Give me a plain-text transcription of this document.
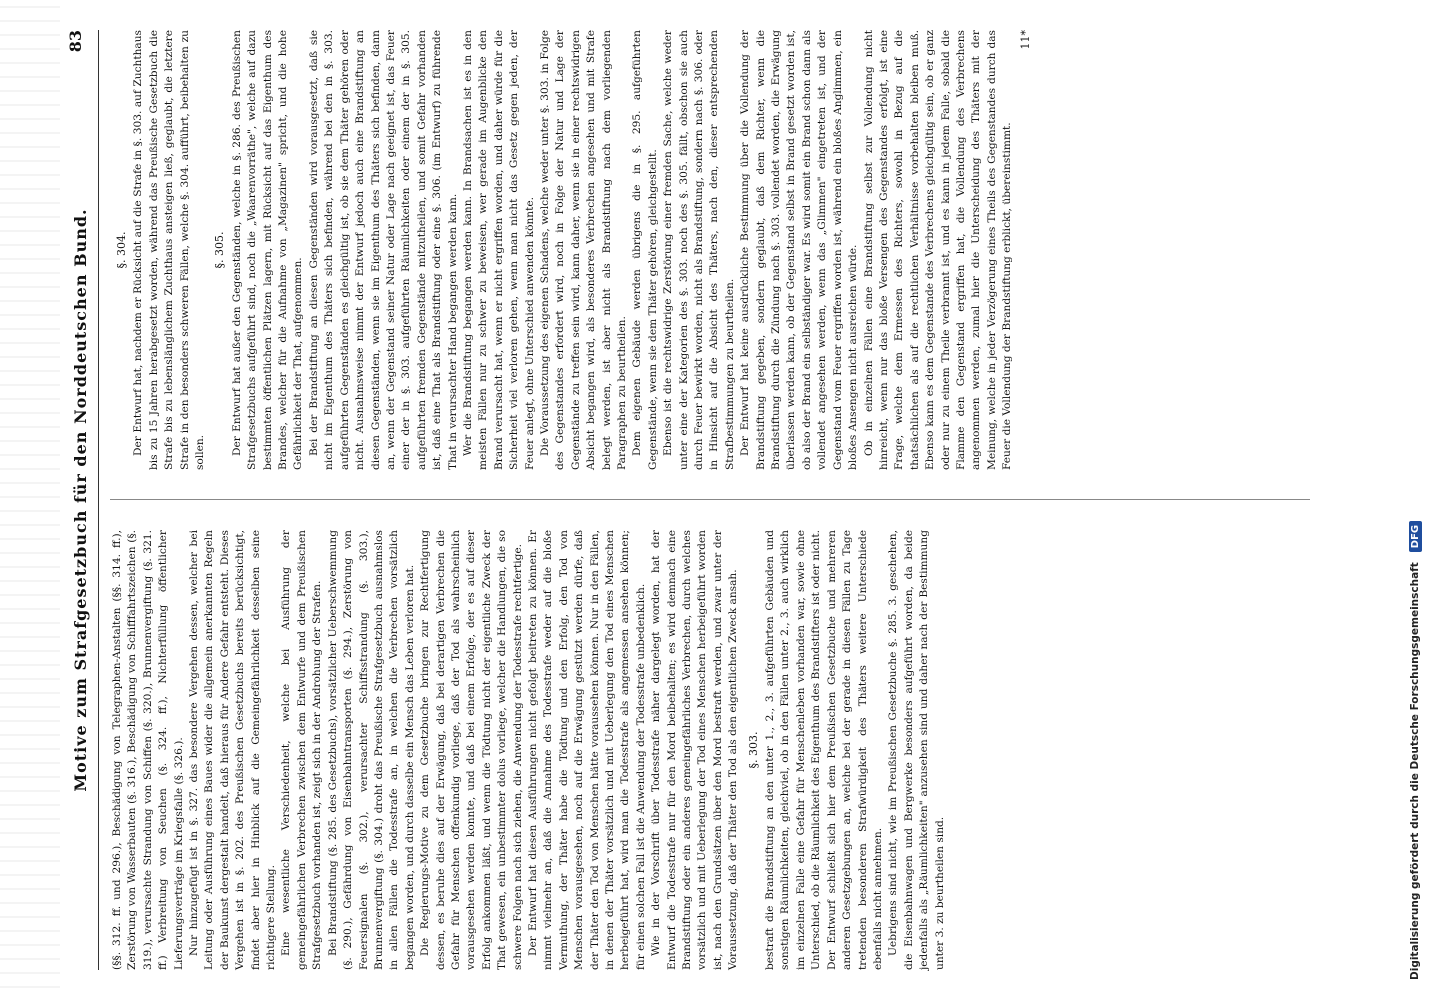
Motive zum Strafgesetzbuch für den Norddeutschen Bund.
83

(§§. 312. ff. und 296.), Beschädigung von Telegraphen-Anstalten (§§. 314. ff.), Zerstörung von Wasserbauten (§. 316.), Beschädigung von Schifffahrtszeichen (§. 319.), verursachte Strandung von Schiffen (§. 320.), Brunnenvergiftung (§. 321. ff.) Verbreitung von Seuchen (§. 324. ff.), Nichterfüllung öffentlicher Lieferungsverträge im Kriegsfalle (§. 326.). Nur hinzugefügt ist in §. 327. das besondere Vergehen dessen, welcher bei Leitung oder Ausführung eines Baues wider die allgemein anerkannten Regeln der Baukunst dergestalt handelt, daß hieraus für Andere Gefahr entsteht. Dieses Vergehen ist in §. 202. des Preußischen Gesetzbuchs bereits berücksichtigt, findet aber hier in Hinblick auf die Gemeingefährlichkeit desselben seine richtigere Stellung. Eine wesentliche Verschiedenheit, welche bei Ausführung der gemeingefährlichen Verbrechen zwischen dem Entwurfe und dem Preußischen Strafgesetzbuch vorhanden ist, zeigt sich in der Androhung der Strafen. Bei Brandstiftung (§. 285. des Gesetzbuchs), vorsätzlicher Ueberschwemmung (§. 290.), Gefährdung von Eisenbahntransporten (§. 294.), Zerstörung von Feuersignalen (§. 302.), verursachter Schiffsstrandung (§. 303.), Brunnenvergiftung (§. 304.) droht das Preußische Strafgesetzbuch ausnahmslos in allen Fällen die Todesstrafe an, in welchen die Verbrechen vorsätzlich begangen worden, und durch dasselbe ein Mensch das Leben verloren hat. Die Regierungs-Motive zu dem Gesetzbuche bringen zur Rechtfertigung dessen, es beruhe dies auf der Erwägung, daß bei derartigen Verbrechen die Gefahr für Menschen offenkundig vorliege, daß der Tod als wahrscheinlich vorausgesehen werden konnte, und daß bei einem Erfolge, der es auf dieser Erfolg ankommen läßt, und wenn die Tödtung nicht der eigentliche Zweck der That gewesen, ein unbestimmter dolus vorliege, welcher die Handlungen, die so schwere Folgen nach sich ziehen, die Anwendung der Todesstrafe rechtfertige. Der Entwurf hat diesen Ausführungen nicht gefolgt beitreten zu können. Er nimmt vielmehr an, daß die Annahme des Todesstrafe weder auf die bloße Vermuthung, der Thäter habe die Tödtung und den Erfolg, den Tod von Menschen vorausgesehen, noch auf die Erwägung gestützt werden dürfe, daß der Thäter den Tod von Menschen hätte voraussehen können. Nur in den Fällen, in denen der Thäter vorsätzlich und mit Ueberlegung den Tod eines Menschen herbeigeführt hat, wird man die Todesstrafe als angemessen ansehen können; für einen solchen Fall ist die Anwendung der Todesstrafe unbedenklich. Wie in der Vorschrift über Todesstrafe näher dargelegt worden, hat der Entwurf die Todesstrafe nur für den Mord beibehalten; es wird demnach eine Brandstiftung oder ein anderes gemeingefährliches Verbrechen, durch welches vorsätzlich und mit Ueberlegung der Tod eines Menschen herbeigeführt worden ist, nach den Grundsätzen über den Mord bestraft werden, und zwar unter der Voraussetzung, daß der Thäter den Tod als den eigentlichen Zweck ansah. §. 303. bestraft die Brandstiftung an den unter 1., 2., 3. aufgeführten Gebäuden und sonstigen Räumlichkeiten, gleichviel, ob in den Fällen unter 2., 3. auch wirklich im einzelnen Falle eine Gefahr für Menschenleben vorhanden war, sowie ohne Unterschied, ob die Räumlichkeit des Eigenthum des Brandstifters ist oder nicht. Der Entwurf schließt sich hier dem Preußischen Gesetzbuche und mehreren anderen Gesetzgebungen an, welche bei der gerade in diesen Fällen zu Tage tretenden besonderen Strafwürdigkeit des Thäters weitere Unterschiede ebenfalls nicht annehmen. Uebrigens sind nicht, wie im Preußischen Gesetzbuche §. 285. 3. geschehen, die Eisenbahnwagen und Bergwerke besonders aufgeführt worden, da beide jedenfalls als „Räumlichkeiten" anzusehen sind und daher nach der Bestimmung unter 3. zu beurtheilen sind.

§. 304. Der Entwurf hat, nachdem er Rücksicht auf die Strafe in §. 303. auf Zuchthaus bis zu 15 Jahren herabgesetzt worden, während das Preußische Gesetzbuch die Strafe bis zu lebenslänglichem Zuchthaus ansteigen ließ, geglaubt, die letztere Strafe in den besonders schweren Fällen, welche §. 304. aufführt, beibehalten zu sollen.

§. 305. Der Entwurf hat außer den Gegenständen, welche in §. 286. des Preußischen Strafgesetzbuchs aufgeführt sind, noch die „Waarenvorräthe", welche auf dazu bestimmten öffentlichen Plätzen lagern, mit Rücksicht auf das Eigenthum des Brandes, welcher für die Aufnahme von „Magazinen" spricht, und die hohe Gefährlichkeit der That, aufgenommen. Bei der Brandstiftung an diesen Gegenständen wird vorausgesetzt, daß sie nicht im Eigenthum des Thäters sich befinden, während bei den in §. 303. aufgeführten Gegenständen es gleichgültig ist, ob sie dem Thäter gehören oder nicht. Ausnahmsweise nimmt der Entwurf jedoch auch eine Brandstiftung an diesen Gegenständen, wenn sie im Eigenthum des Thäters sich befinden, dann an, wenn der Gegenstand seiner Natur oder Lage nach geeignet ist, das Feuer einer der in §. 303. aufgeführten Räumlichkeiten oder einem der in §. 305. aufgeführten fremden Gegenstände mitzutheilen, und somit Gefahr vorhanden ist, daß eine That als Brandstiftung oder eine §. 306. (im Entwurf) zu führende That in verursachter Hand begangen werden kann. Wer die Brandstiftung begangen werden kann. In Brandsachen ist es in den meisten Fällen nur zu schwer zu beweisen, wer gerade im Augenblicke den Brand verursacht hat, wenn er nicht ergriffen worden, und daher würde für die Sicherheit viel verloren gehen, wenn man nicht das Gesetz gegen jeden, der Feuer anlegt, ohne Unterschied anwenden könnte. Die Voraussetzung des eigenen Schadens, welche weder unter §. 303. in Folge des Gegenstandes erfordert wird, noch in Folge der Natur und Lage der Gegenstände zu treffen sein wird, kann daher, wenn sie in einer rechtswidrigen Absicht begangen wird, als besonderes Verbrechen angesehen und mit Strafe belegt werden, ist aber nicht als Brandstiftung nach dem vorliegenden Paragraphen zu beurtheilen. Dem eigenen Gebäude werden übrigens die in §. 295. aufgeführten Gegenstände, wenn sie dem Thäter gehören, gleichgestellt. Ebenso ist die rechtswidrige Zerstörung einer fremden Sache, welche weder unter eine der Kategorien des §. 303. noch des §. 305. fällt, obschon sie auch durch Feuer bewirkt worden, nicht als Brandstiftung, sondern nach §. 306. oder in Hinsicht auf die Absicht des Thäters, nach den, dieser entsprechenden Strafbestimmungen zu beurtheilen. Der Entwurf hat keine ausdrückliche Bestimmung über die Vollendung der Brandstiftung gegeben, sondern geglaubt, daß dem Richter, wenn die Brandstiftung durch die Zündung nach §. 303. vollendet worden, die Erwägung überlassen werden kann, ob der Gegenstand selbst in Brand gesetzt worden ist, ob also der Brand ein selbständiger war. Es wird somit ein Brand schon dann als vollendet angesehen werden, wenn das „Glimmen" eingetreten ist, und der Gegenstand vom Feuer ergriffen worden ist, während ein bloßes Anglimmen, ein bloßes Ansengen nicht ausreichen würde. Ob in einzelnen Fällen eine Brandstiftung selbst zur Vollendung nicht hinreicht, wenn nur das bloße Versengen des Gegenstandes erfolgt, ist eine Frage, welche dem Ermessen des Richters, sowohl in Bezug auf die thatsächlichen als auf die rechtlichen Verhältnisse vorbehalten bleiben muß. Ebenso kann es dem Gegenstande des Verbrechens gleichgültig sein, ob er ganz oder nur zu einem Theile verbrannt ist, und es kann in jedem Falle, sobald die Flamme den Gegenstand ergriffen hat, die Vollendung des Verbrechens angenommen werden, zumal hier die Unterscheidung des Thäters mit der Meinung, welche in jeder Verzögerung eines Theils des Gegenstandes durch das Feuer die Vollendung der Brandstiftung erblickt, übereinstimmt.

11*
Digitalisierung gefördert durch die Deutsche Forschungsgemeinschaft
DFG
